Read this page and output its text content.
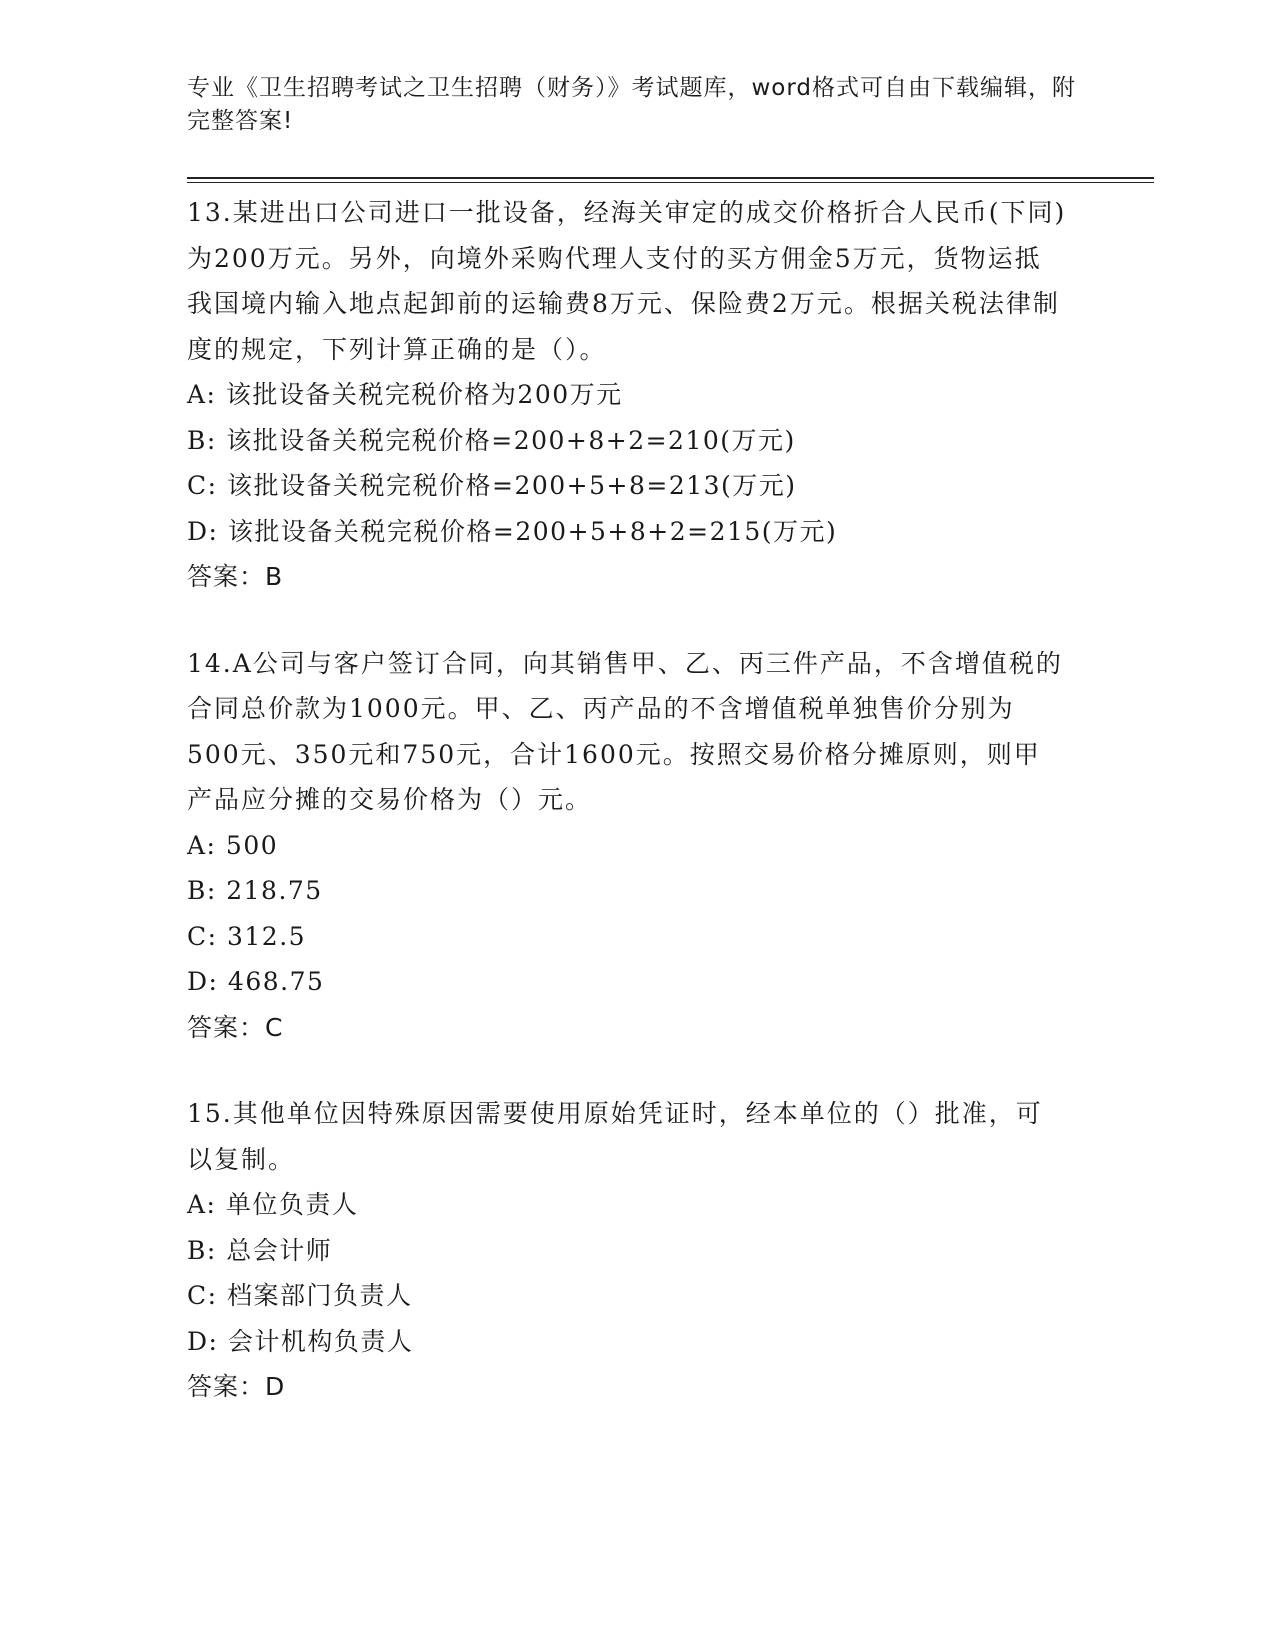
专业《卫生招聘考试之卫生招聘（财务）》考试题库，word格式可自由下载编辑，附完整答案!
13.某进出口公司进口一批设备，经海关审定的成交价格折合人民币(下同)为200万元。另外，向境外采购代理人支付的买方佣金5万元，货物运抵我国境内输入地点起卸前的运输费8万元、保险费2万元。根据关税法律制度的规定，下列计算正确的是（）。
A: 该批设备关税完税价格为200万元
B: 该批设备关税完税价格=200+8+2=210(万元)
C: 该批设备关税完税价格=200+5+8=213(万元)
D: 该批设备关税完税价格=200+5+8+2=215(万元)
答案：B
14.A公司与客户签订合同，向其销售甲、乙、丙三件产品，不含增值税的合同总价款为1000元。甲、乙、丙产品的不含增值税单独售价分别为500元、350元和750元，合计1600元。按照交易价格分摊原则，则甲产品应分摊的交易价格为（）元。
A: 500
B: 218.75
C: 312.5
D: 468.75
答案：C
15.其他单位因特殊原因需要使用原始凭证时，经本单位的（）批准，可以复制。
A: 单位负责人
B: 总会计师
C: 档案部门负责人
D: 会计机构负责人
答案：D
